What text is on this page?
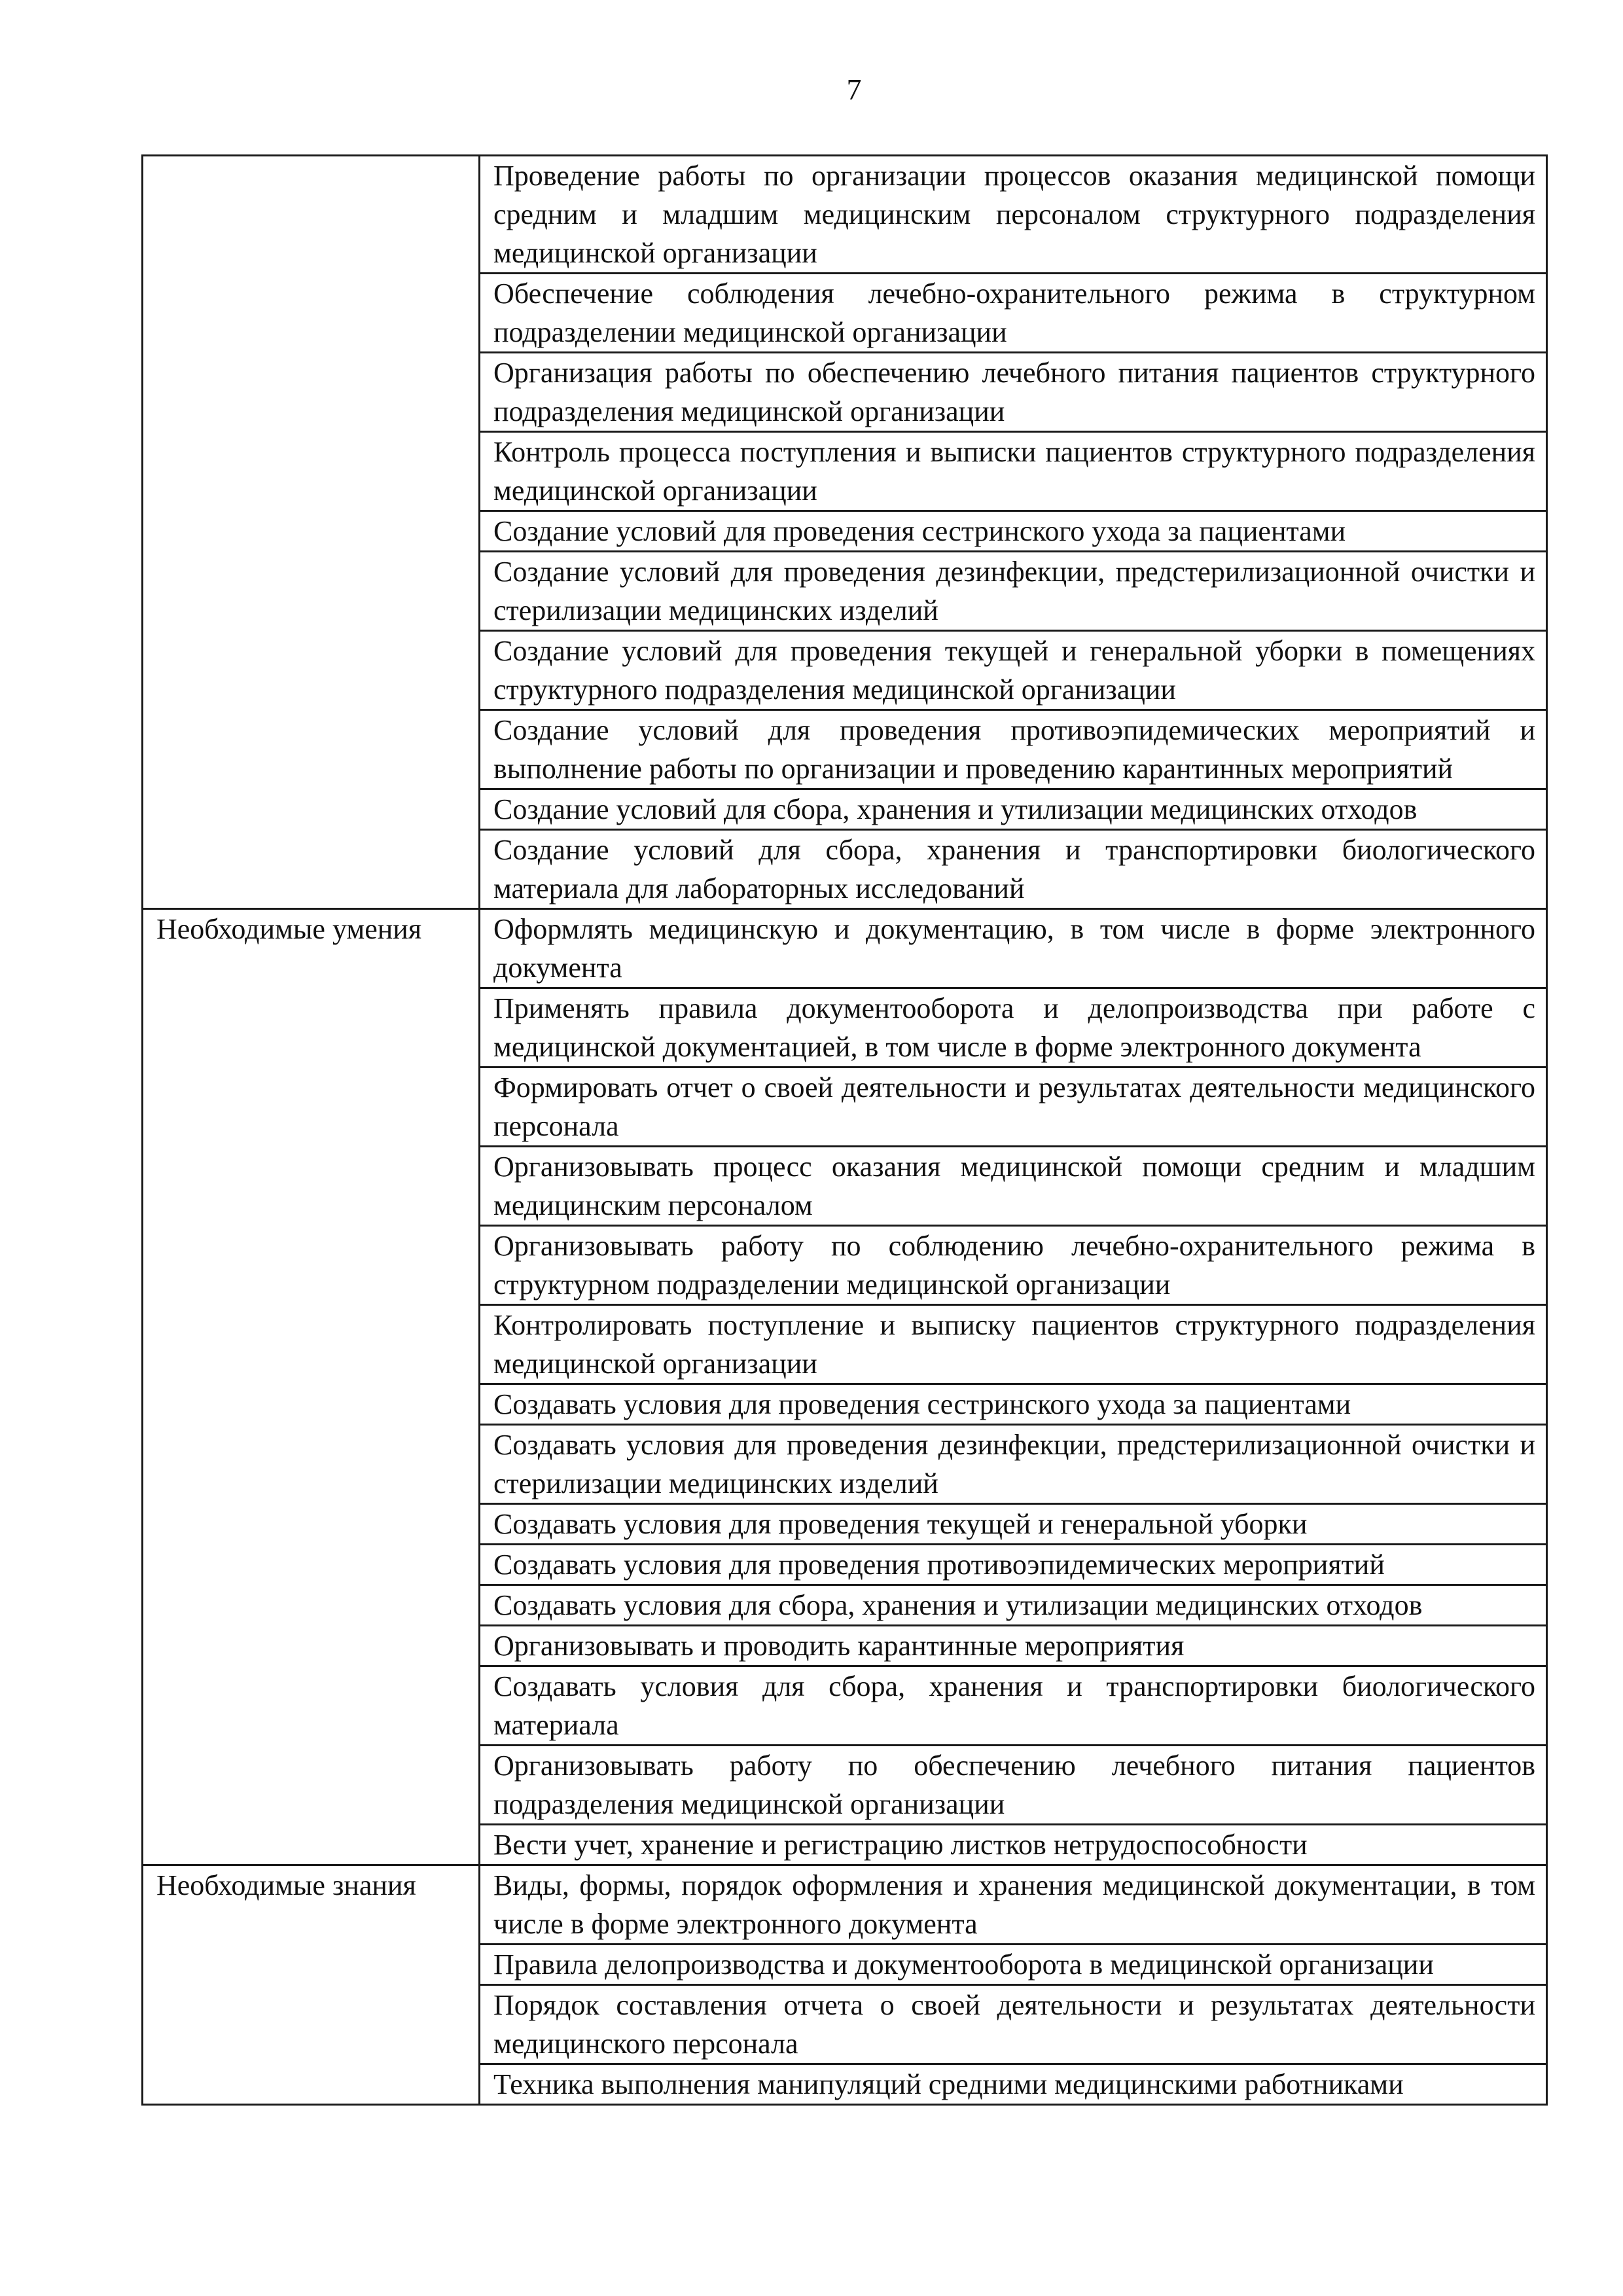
7
	Проведение работы по организации процессов оказания медицинской помощи средним и младшим медицинским персоналом структурного подразделения медицинской организации
	Обеспечение соблюдения лечебно-охранительного режима в структурном подразделении медицинской организации
	Организация работы по обеспечению лечебного питания пациентов структурного подразделения медицинской организации
	Контроль процесса поступления и выписки пациентов структурного подразделения медицинской организации
	Создание условий для проведения сестринского ухода за пациентами
	Создание условий для проведения дезинфекции, предстерилизационной очистки и стерилизации медицинских изделий
	Создание условий для проведения текущей и генеральной уборки в помещениях структурного подразделения медицинской организации
	Создание условий для проведения противоэпидемических мероприятий и выполнение работы по организации и проведению карантинных мероприятий
	Создание условий для сбора, хранения и утилизации медицинских отходов
	Создание условий для сбора, хранения и транспортировки биологического материала для лабораторных исследований
Необходимые умения	Оформлять медицинскую и документацию, в том числе в форме электронного документа
	Применять правила документооборота и делопроизводства при работе с медицинской документацией, в том числе в форме электронного документа
	Формировать отчет о своей деятельности и результатах деятельности медицинского персонала
	Организовывать процесс оказания медицинской помощи средним и младшим медицинским персоналом
	Организовывать работу по соблюдению лечебно-охранительного режима в структурном подразделении медицинской организации
	Контролировать поступление и выписку пациентов структурного подразделения медицинской организации
	Создавать условия для проведения сестринского ухода за пациентами
	Создавать условия для проведения дезинфекции, предстерилизационной очистки и стерилизации медицинских изделий
	Создавать условия для проведения текущей и генеральной уборки
	Создавать условия для проведения противоэпидемических мероприятий
	Создавать условия для сбора, хранения и утилизации медицинских отходов
	Организовывать и проводить карантинные мероприятия
	Создавать условия для сбора, хранения и транспортировки биологического материала
	Организовывать работу по обеспечению лечебного питания пациентов подразделения медицинской организации
	Вести учет, хранение и регистрацию листков нетрудоспособности
Необходимые знания	Виды, формы, порядок оформления и хранения медицинской документации, в том числе в форме электронного документа
	Правила делопроизводства и документооборота в медицинской организации
	Порядок составления отчета о своей деятельности и результатах деятельности медицинского персонала
	Техника выполнения манипуляций средними медицинскими работниками
